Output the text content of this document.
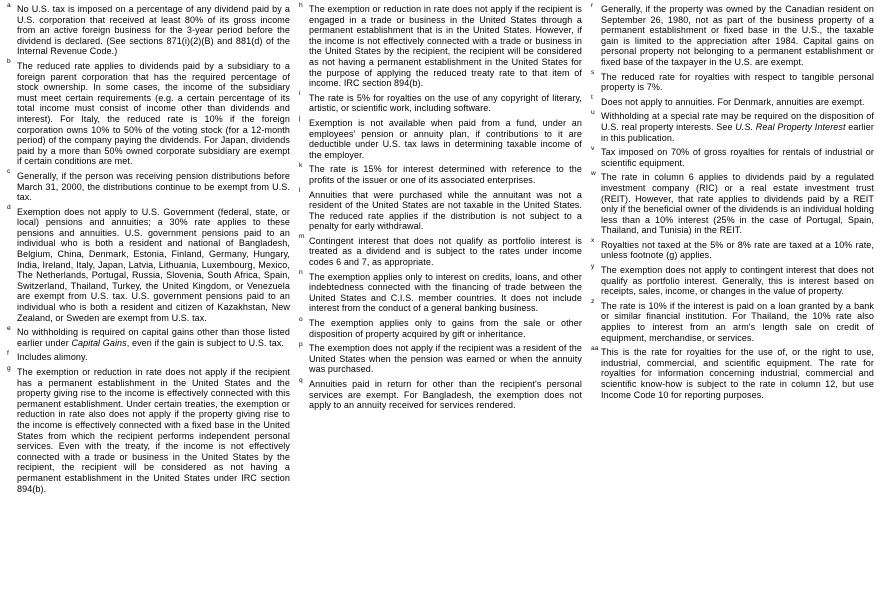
a No U.S. tax is imposed on a percentage of any dividend paid by a U.S. corporation that received at least 80% of its gross income from an active foreign business for the 3-year period before the dividend is declared. (See sections 871(i)(2)(B) and 881(d) of the Internal Revenue Code.)
b The reduced rate applies to dividends paid by a subsidiary to a foreign parent corporation that has the required percentage of stock ownership. In some cases, the income of the subsidiary must meet certain requirements (e.g. a certain percentage of its total income must consist of income other than dividends and interest). For Italy, the reduced rate is 10% if the foreign corporation owns 10% to 50% of the voting stock (for a 12-month period) of the company paying the dividends. For Japan, dividends paid by a more than 50% owned corporate subsidiary are exempt if certain conditions are met.
c Generally, if the person was receiving pension distributions before March 31, 2000, the distributions continue to be exempt from U.S. tax.
d Exemption does not apply to U.S. Government (federal, state, or local) pensions and annuities; a 30% rate applies to these pensions and annuities. U.S. government pensions paid to an individual who is both a resident and national of Bangladesh, Belgium, China, Denmark, Estonia, Finland, Germany, Hungary, India, Ireland, Italy, Japan, Latvia, Lithuania, Luxembourg, Mexico, The Netherlands, Portugal, Russia, Slovenia, South Africa, Spain, Switzerland, Thailand, Turkey, the United Kingdom, or Venezuela are exempt from U.S. tax. U.S. government pensions paid to an individual who is both a resident and citizen of Kazakhstan, New Zealand, or Sweden are exempt from U.S. tax.
e No withholding is required on capital gains other than those listed earlier under Capital Gains, even if the gain is subject to U.S. tax.
f Includes alimony.
g The exemption or reduction in rate does not apply if the recipient has a permanent establishment in the United States and the property giving rise to the income is effectively connected with this permanent establishment. Under certain treaties, the exemption or reduction in rate also does not apply if the property giving rise to the income is effectively connected with a fixed base in the United States from which the recipient performs independent personal services. Even with the treaty, if the income is not effectively connected with a trade or business in the United States by the recipient, the recipient will be considered as not having a permanent establishment in the United States under IRC section 894(b).
h The exemption or reduction in rate does not apply if the recipient is engaged in a trade or business in the United States through a permanent establishment that is in the United States. However, if the income is not effectively connected with a trade or business in the United States by the recipient, the recipient will be considered as not having a permanent establishment in the United States for the purpose of applying the reduced treaty rate to that item of income. IRC section 894(b).
i The rate is 5% for royalties on the use of any copyright of literary, artistic, or scientific work, including software.
j Exemption is not available when paid from a fund, under an employees' pension or annuity plan, if contributions to it are deductible under U.S. tax laws in determining taxable income of the employer.
k The rate is 15% for interest determined with reference to the profits of the issuer or one of its associated enterprises.
l Annuities that were purchased while the annuitant was not a resident of the United States are not taxable in the United States. The reduced rate applies if the distribution is not subject to a penalty for early withdrawal.
m Contingent interest that does not qualify as portfolio interest is treated as a dividend and is subject to the rates under income codes 6 and 7, as appropriate.
n The exemption applies only to interest on credits, loans, and other indebtedness connected with the financing of trade between the United States and C.I.S. member countries. It does not include interest from the conduct of a general banking business.
o The exemption applies only to gains from the sale or other disposition of property acquired by gift or inheritance.
p The exemption does not apply if the recipient was a resident of the United States when the pension was earned or when the annuity was purchased.
q Annuities paid in return for other than the recipient's personal services are exempt. For Bangladesh, the exemption does not apply to an annuity received for services rendered.
r Generally, if the property was owned by the Canadian resident on September 26, 1980, not as part of the business property of a permanent establishment or fixed base in the U.S., the taxable gain is limited to the appreciation after 1984. Capital gains on personal property not belonging to a permanent establishment or fixed base of the taxpayer in the U.S. are exempt.
s The reduced rate for royalties with respect to tangible personal property is 7%.
t Does not apply to annuities. For Denmark, annuities are exempt.
u Withholding at a special rate may be required on the disposition of U.S. real property interests. See U.S. Real Property Interest earlier in this publication.
v Tax imposed on 70% of gross royalties for rentals of industrial or scientific equipment.
w The rate in column 6 applies to dividends paid by a regulated investment company (RIC) or a real estate investment trust (REIT). However, that rate applies to dividends paid by a REIT only if the beneficial owner of the dividends is an individual holding less than a 10% interest (25% in the case of Portugal, Spain, Thailand, and Tunisia) in the REIT.
x Royalties not taxed at the 5% or 8% rate are taxed at a 10% rate, unless footnote (g) applies.
y The exemption does not apply to contingent interest that does not qualify as portfolio interest. Generally, this is interest based on receipts, sales, income, or changes in the value of property.
z The rate is 10% if the interest is paid on a loan granted by a bank or similar financial institution. For Thailand, the 10% rate also applies to interest from an arm's length sale on credit of equipment, merchandise, or services.
aa This is the rate for royalties for the use of, or the right to use, industrial, commercial, and scientific equipment. The rate for royalties for information concerning industrial, commercial and scientific know-how is subject to the rate in column 12, but use Income Code 10 for reporting purposes.
